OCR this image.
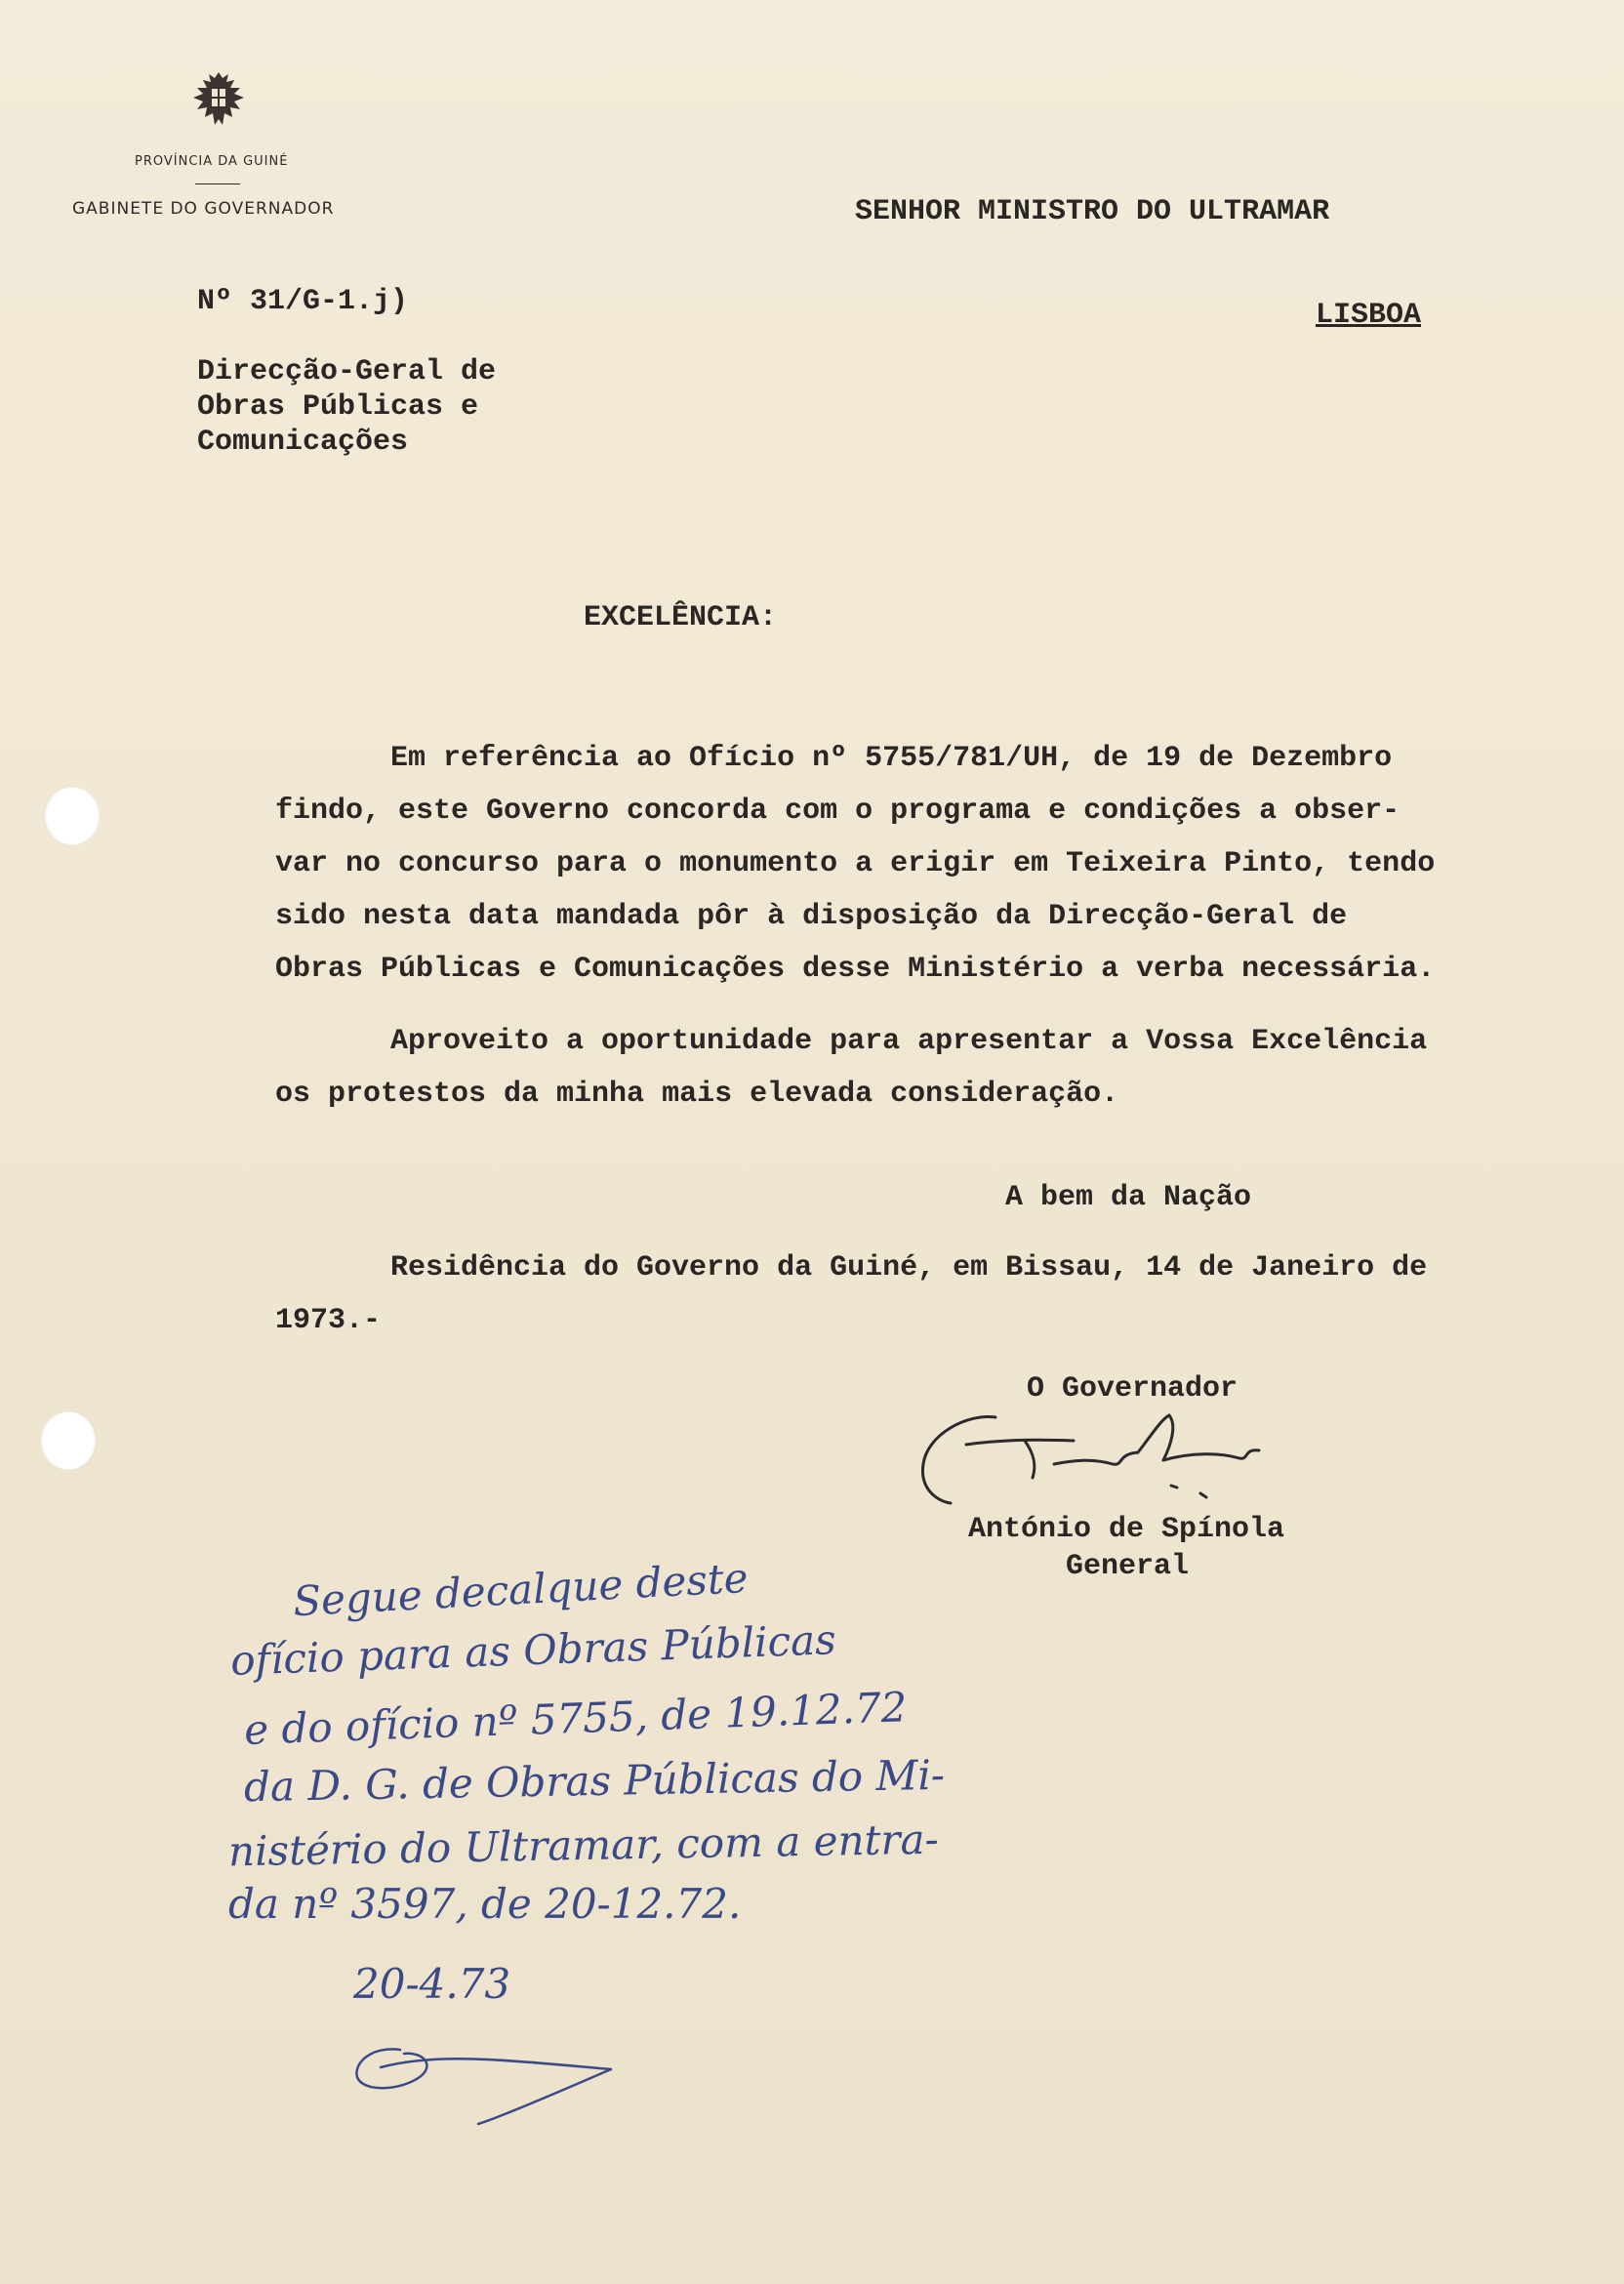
PROVÍNCIA DA GUINÉ
GABINETE DO GOVERNADOR	SENHOR MINISTRO DO ULTRAMAR
LISBOA
Nº 31/G-1.j)
Direcção-Geral de
Obras Públicas e
Comunicações
EXCELÊNCIA:
Em referência ao Ofício nº 5755/781/UH, de 19 de Dezembro
findo, este Governo concorda com o programa e condições a obser-
var no concurso para o monumento a erigir em Teixeira Pinto, tendo
sido nesta data mandada pôr à disposição da Direcção-Geral de
Obras Públicas e Comunicações desse Ministério a verba necessária.
Aproveito a oportunidade para apresentar a Vossa Excelência
os protestos da minha mais elevada consideração.
A bem da Nação
Residência do Governo da Guiné, em Bissau, 14 de Janeiro de
1973.-
O Governador
António de Spínola
General
Segue decalque deste
ofício para as Obras Públicas
e do ofício nº 5755, de 19.12.72
da D. G. de Obras Públicas do Mi-
nistério do Ultramar, com a entra-
da nº 3597, de 20-12.72.
20-4.73
